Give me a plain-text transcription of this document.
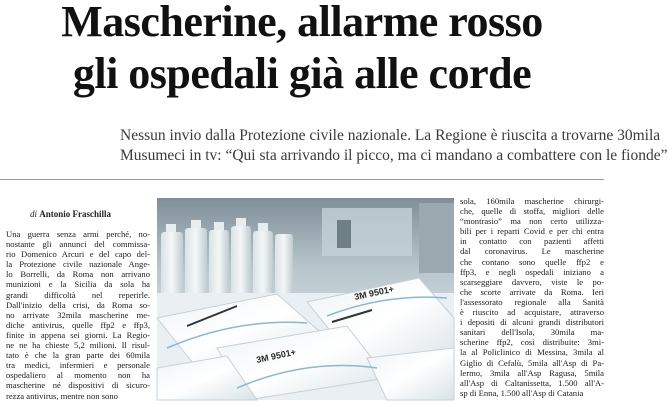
Mascherine, allarme rosso
gli ospedali già alle corde
Nessun invio dalla Protezione civile nazionale. La Regione è riuscita a trovarne 30mila
Musumeci in tv: “Qui sta arrivando il picco, ma ci mandano a combattere con le fionde”
di Antonio Fraschilla
Una guerra senza armi perché, no-
nostante gli annunci del commissa-
rio Domenico Arcuri e del capo del-
la Protezione civile nazionale Ange-
lo Borrelli, da Roma non arrivano
munizioni e la Sicilia da sola ha
grandi difficoltà nel reperirle.
Dall'inizio della crisi, da Roma so-
no arrivate 32mila mascherine me-
diche antivirus, quelle ffp2 e ffp3,
finite in appena sei giorni. La Regio-
ne ne ha chieste 5,2 milioni. Il risul-
tato è che la gran parte dei 60mila
tra medici, infermieri e personale
ospedaliero al momento non ha
mascherine né dispositivi di sicuro-
rezza antivirus, mentre non sono
3M 9501+
3M 9501+
sola, 160mila mascherine chirurgi-
che, quelle di stoffa, migliori delle
“montrasio” ma non certo utilizza-
bili per i reparti Covid e per chi entra
in contatto con pazienti affetti
dal coronavirus. Le mascherine
che contano sono quelle ffp2 e
ffp3, e negli ospedali iniziano a
scarseggiare davvero, viste le po-
che scorte arrivate da Roma. Ieri
l'assessorato regionale alla Sanità
è riuscito ad acquistare, attraverso
i depositi di alcuni grandi distributori
sanitari dell'Isola, 30mila ma-
scherine ffp2, così distribuite: 3mi-
la al Policlinico di Messina, 3mila al
Giglio di Cefalù, 5mila all'Asp di Pa-
lermo, 3mila all'Asp Ragusa, 5mila
all'Asp di Caltanissetta, 1.500 all'A-
sp di Enna, 1.500 all'Asp di Catania
